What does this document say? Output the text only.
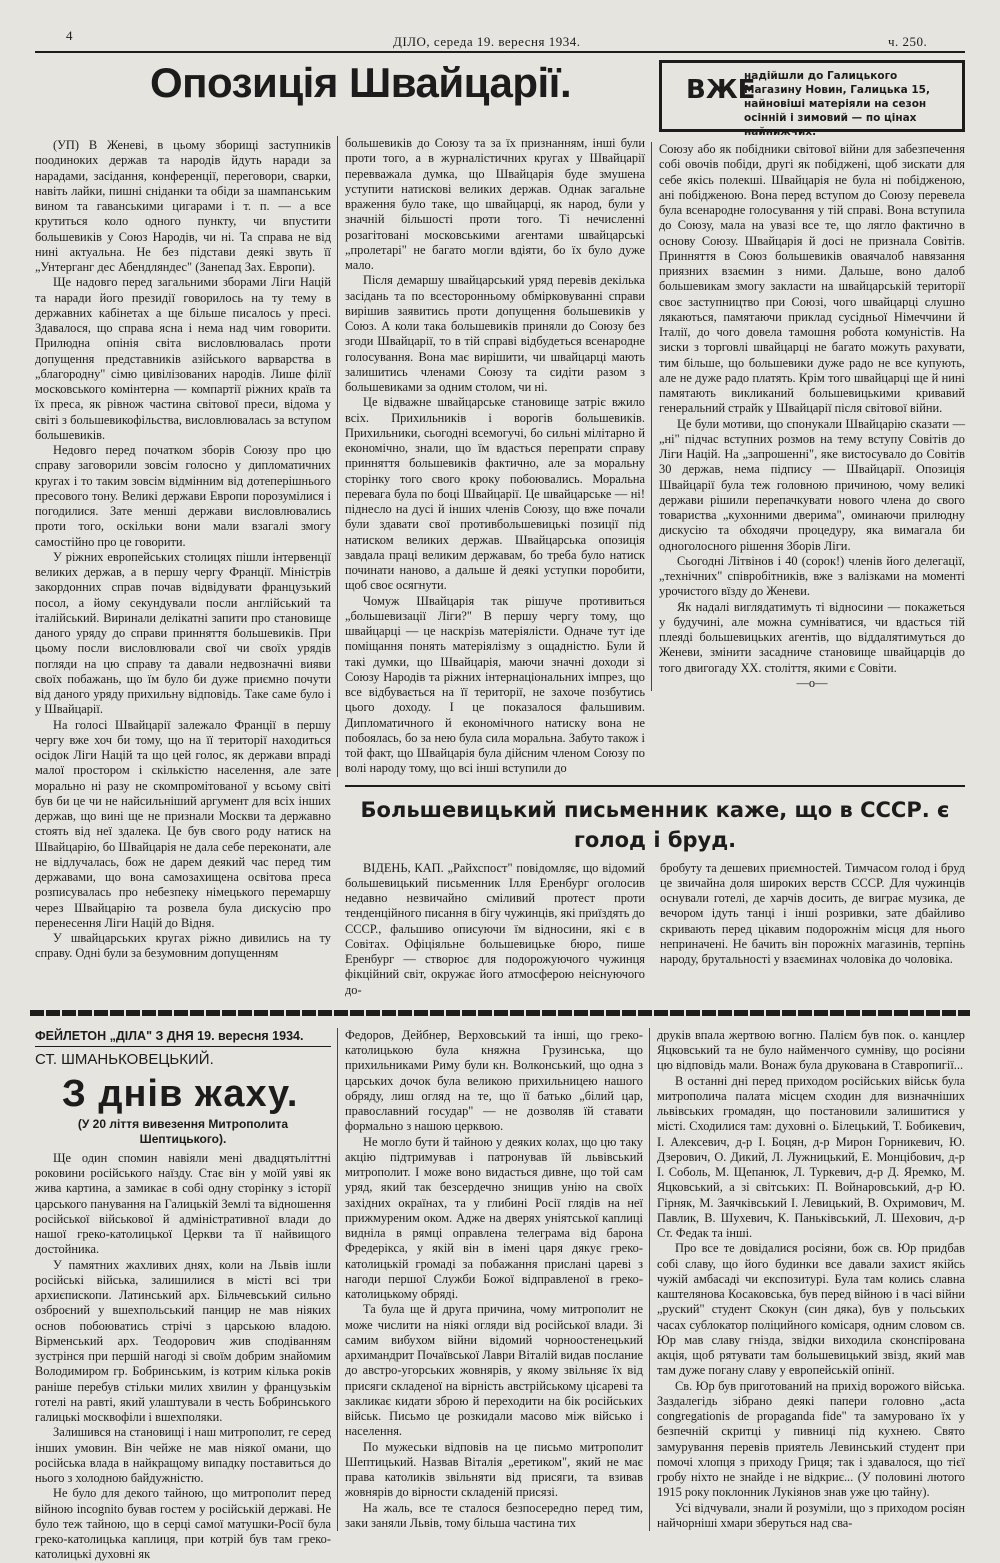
4	ДІЛО, середа 19. вересня 1934.	ч. 250.
Опозиція Швайцарії.	ВЖЕ
надійшли до Галицького Магазину Новин, Галицька 15, найновіші матеріяли на сезон осінній і зимовий — по цінах найнижчих.

(УП) В Женеві, в цьому зборищі заступників поодиноких держав та народів йдуть наради за нарадами, засідання, конференції, переговори, сварки, навіть лайки, пишні сніданки та обіди за шампанським вином та гаванськими цигарами і т. п. — а все крутиться коло одного пункту, чи впустити большевиків у Союз Народів, чи ні. Та справа не від нині актуальна. Не без підстави деякі звуть її „Унтерганг дес Абендляндес" (Занепад Зах. Европи).

Ще надовго перед загальними зборами Ліги Націй та наради його президії говорилось на ту тему в державних кабінетах а ще більше писалось у пресі. Здавалося, що справа ясна і нема над чим говорити. Прилюдна опінія світа висловлювалась проти допущення представників азійського варварства в „благородну" сімю цивілізованих народів. Лише філії московського комінтерна — компартії ріжних країв та їх преса, як рівнож частина світової преси, відома у світі з большевикофільства, висловлювалась за вступом большевиків.

Недовго перед початком зборів Союзу про цю справу заговорили зовсім голосно у дипломатичних кругах і то таким зовсім відмінним від дотеперішнього пресового тону. Великі держави Европи порозумілися і погодилися. Зате менші держави висловлювались проти того, оскільки вони мали взагалі змогу самостійно про це говорити.

У ріжних европейських столицях пішли інтервенції великих держав, а в першу чергу Франції. Міністрів закордонних справ почав відвідувати французький посол, а йому секундували посли англійський та італійський. Виринали делікатні запити про становище даного уряду до справи принняття большевиків. При цьому посли висловлювали свої чи своїх урядів погляди на цю справу та давали недвозначні вияви своїх побажань, що їм було би дуже приємно почути від даного уряду прихильну відповідь. Таке саме було і у Швайцарії.

На голосі Швайцарії залежало Франції в першу чергу вже хоч би тому, що на її території находиться осідок Ліги Націй та що цей голос, як держави впраді малої простором і скількістю населення, але зате морально ні разу не скомпромітованої у всьому світі був би це чи не найсильніший аргумент для всіх інших держав, що вині ще не признали Москви та державно стоять від неї здалека. Це був свого роду натиск на Швайцарію, бо Швайцарія не дала себе переконати, але не відлучалась, бож не дарем деякий час перед тим державами, що вона самозахищена освітова преса розписувалась про небезпеку німецького перемаршу через Швайцарію та розвела була дискусію про перенесення Ліги Націй до Відня.

У швайцарських кругах ріжно дивились на ту справу. Одні були за безумовним допущенням

большевиків до Союзу та за їх признанням, інші були проти того, а в журналістичних кругах у Швайцарії перевважала думка, що Швайцарія буде змушена уступити натискові великих держав. Однак загальне враження було таке, що швайцарці, як народ, були у значній більшості проти того. Ті нечисленні розагітовані московськими агентами швайцарські „пролетарі" не багато могли вдіяти, бо їх було дуже мало.

Після демаршу швайцарський уряд перевів декілька засідань та по всесторонньому обмірковуванні справи вирішив заявитись проти допущення большевиків у Союз. А коли така большевиків приняли до Союзу без згоди Швайцарії, то в тій справі відбудеться всенародне голосування. Вона має вирішити, чи швайцарці мають залишитись членами Союзу та сидіти разом з большевиками за одним столом, чи ні.

Це відважне швайцарське становище затріє вжило всіх. Прихильників і ворогів большевиків. Прихильники, сьогодні всемогучі, бо сильні мілітарно й економічно, знали, що їм вдасться перепрати справу принняття большевиків фактично, але за моральну сторінку того свого кроку побоювались. Моральна перевага була по боці Швайцарії. Це швайцарське — ні! піднесло на дусі й інших членів Союзу, що вже почали були здавати свої противбольшевицькі позиції під натиском великих держав. Швайцарська опозиція завдала праці великим державам, бо треба було натиск починати наново, а дальше й деякі уступки поробити, щоб своє осягнути.

Чомуж Швайцарія так рішуче противиться „большевизації Ліги?" В першу чергу тому, що швайцарці — це наскрізь матеріялісти. Одначе тут іде поміщання понять матеріялізму з ощадністю. Були й такі думки, що Швайцарія, маючи значні доходи зі Союзу Народів та ріжних інтернаціональних імпрез, що все відбувається на її території, не захоче позбутись цього доходу. І це показалося фальшивим. Дипломатичного й економічного натиску вона не побоялась, бо за нею була сила моральна. Забуто також і той факт, що Швайцарія була дійсним членом Союзу по волі народу тому, що всі інші вступили до

Союзу або як побідники світової війни для забезпечення собі овочів побіди, другі як побіджені, щоб зискати для себе якісь полекші. Швайцарія не була ні побідженою, ані побідженою. Вона перед вступом до Союзу перевела була всенародне голосування у тій справі. Вона вступила до Союзу, мала на увазі все те, що лягло фактично в основу Союзу. Швайцарія й досі не признала Совітів. Принняття в Союз большевиків оваячалоб навязання приязних взаємин з ними. Дальше, воно далоб большевикам змогу закласти на швайцарській території своє заступництво при Союзі, чого швайцарці слушно лякаються, памятаючи приклад сусідньої Німеччини й Італії, до чого довела тамошня робота комуністів. На зиски з торговлі швайцарці не багато можуть рахувати, тим більше, що большевики дуже радо не все купують, але не дуже радо платять. Крім того швайцарці ще й нині памятають викликаний большевицькими кривавий генеральний страйк у Швайцарії після світової війни.

Це були мотиви, що спонукали Швайцарію сказати — „ні" підчас вступних розмов на тему вступу Совітів до Ліги Націй. На „запрошенні", яке вистосувало до Совітів 30 держав, нема підпису — Швайцарії. Опозиція Швайцарії була теж головною причиною, чому великі держави рішили перепачкувати нового члена до свого товариства „кухонними дверима", оминаючи прилюдну дискусію та обходячи процедуру, яка вимагала би одноголосного рішення Зборів Ліги.

Сьогодні Літвінов і 40 (сорок!) членів його делегації, „технічних" співробітників, вже з валізками на моменті урочистого вїзду до Женеви.

Як надалі виглядатимуть ті відносини — покажеться у будучині, але можна сумніватися, чи вдасться тій плеяді большевицьких агентів, що віддалятимуться до Женеви, змінити засадниче становище швайцарців до того двигогаду XX. століття, якими є Совіти.

—o—
Большевицький письменник каже, що в СССР. є голод і бруд.

ВІДЕНЬ, КАП. „Райхспост" повідомляє, що відомий большевицький письменник Ілля Еренбург оголосив недавно незвичайно сміливий протест проти тенденційного писання в бігу чужинців, які приїздять до СССР., фальшиво описуючи їм відносини, які є в Совітах. Офіціяльне большевицьке бюро, пише Еренбург — створює для подорожуючого чужинця фікційний світ, окружає його атмосферою неіснуючого до-

бробуту та дешевих приємностей. Тимчасом голод і бруд це звичайна доля широких верств СССР. Для чужинців оснували готелі, де харчів досить, де виграє музика, де вечором ідуть танці і інші розривки, зате дбайливо скривають перед цікавим подорожнім місця для нього неприначені. Не бачить він порожніх магазинів, терпінь народу, брутальності у взаєминах чоловіка до чоловіка.

ФЕЙЛЕТОН „ДІЛА" З ДНЯ 19. вересня 1934.
СТ. ШМАНЬКОВЕЦЬКИЙ.
З днів жаху.
(У 20 ліття вивезення Митрополита Шептицького).

Ще один спомин навіяли мені двадцятьліттні роковини російського наїзду. Стає він у моїй уяві як жива картина, а замикає в собі одну сторінку з історії царського панування на Галицькій Землі та відношення російської військової й адміністративної влади до нашої греко-католицької Церкви та її найвищого достойника.

У памятних жахливих днях, коли на Львів ішли російські війська, залишилися в місті всі три архиєпископи. Латинський арх. Більчевський сильно озброєний у вшехпольський панцир не мав ніяких основ побоюватись стрічі з царською владою. Вірменський арх. Теодорович жив сподіванням зустрінся при першій нагоді зі своїм добрим знайомим Володимиром гр. Бобринським, із котрим кілька років раніше перебув стільки милих хвилин у французькім готелі на равті, який улаштували в честь Бобринського галицькі москвофіли і вшехполяки.

Залишився на становищі і наш митрополит, ге серед інших умовин. Він чейже не мав ніякої омани, що російська влада в найкращому випадку поставиться до нього з холодною байдужністю.

Не було для декого тайною, що митрополит перед війною incognito бував гостем у російській державі. Не було теж тайною, що в серці самої матушки-Росії була греко-католицька каплиця, при котрій був там греко-католицькі духовні як

Федоров, Дейбнер, Верховський та інші, що греко-католицькою була княжна Грузинська, що прихильниками Риму були кн. Волконський, що одна з царських дочок була великою прихильницею нашого обряду, лиш огляд на те, що її батько „білий цар, православний государ" — не дозволяв їй ставати формально з нашою церквою.

Не могло бути й тайною у деяких колах, що цю таку акцію підтримував і патронував їй львівський митрополит. І може воно видасться дивне, що той сам уряд, який так безсердечно знищив унію на своїх західних окраїнах, та у глибині Росії глядів на неї прижмуреним оком. Адже на дверях уніятської каплиці видніла в рямці оправлена телеграма від барона Фредерікса, у якій він в імені царя дякує греко-католицькій громаді за побажання прислані цареві з нагоди першої Служби Божої відправленої в греко-католицькому обряді.

Та була ще й друга причина, чому митрополит не може числити на ніякі огляди від російської влади. Зі самим вибухом війни відомий чорноостенецький архимандрит Почаївської Лаври Віталій видав послание до австро-угорських жовнярів, у якому звільняє їх від присяги складеної на вірність австрійському цісареві та закликає кидати зброю й переходити на бік російських військ. Письмо це розкидали масово між військо і населення.

По мужеськи відповів на це письмо митрополит Шептицький. Назвав Віталія „еретиком", який не має права католиків звільняти від присяги, та взивав жовнярів до вірности складеній присязі.

На жаль, все те сталося безпосередно перед тим, заки заняли Львів, тому більша частина тих

друків впала жертвою вогню. Палієм був пок. о. канцлер Яцковський та не було найменчого сумніву, що росіяни цю відповідь мали. Вонаж була друкована в Ставропигії...

В останні дні перед приходом російських військ була митрополича палата місцем сходин для визначніших львівських громадян, що постановили залишитися у місті. Сходилися там: духовні о. Білецький, Т. Бобикевич, І. Алексевич, д-р І. Боцян, д-р Мирон Горникевич, Ю. Дзерович, О. Дикий, Л. Лужницький, Е. Монцібович, д-р І. Соболь, М. Щепанюк, Л. Туркевич, д-р Д. Яремко, М. Яцковський, а зі світських: П. Войнаровський, д-р Ю. Гірняк, М. Заячківський І. Левицький, В. Охримович, М. Павлик, В. Шухевич, К. Паньківський, Л. Шехович, д-р Ст. Федак та інші.

Про все те довідалися росіяни, бож св. Юр придбав собі славу, що його будинки все давали захист якійсь чужій амбасаді чи експозитурі. Була там колись славна каштелянова Косаковська, був перед війною і в часі війни „руский" студент Скокун (син дяка), був у польських часах сублокатор поліцийного комісаря, одним словом св. Юр мав славу гнізда, звідки виходила сконспірована акція, щоб рятувати там большевицький звізд, який мав там дуже погану славу у европейській опінії.

Св. Юр був приготований на прихід ворожого війська. Заздалегідь зібрано деякі папери головно „acta congregationis de propaganda fide" та замуровано їх у безпечній скритці у пивниці під кухнею. Свято замурування перевів приятель Левинський студент при помочі хлопця з приходу Гриця; так і здавалося, що тієї гробу ніхто не знайде і не відкриє... (У половині лютого 1915 року поклонник Лукіянов знав уже цю тайну).

Усі відчували, знали й розуміли, що з приходом росіян найчорніші хмари зберуться над сва-
